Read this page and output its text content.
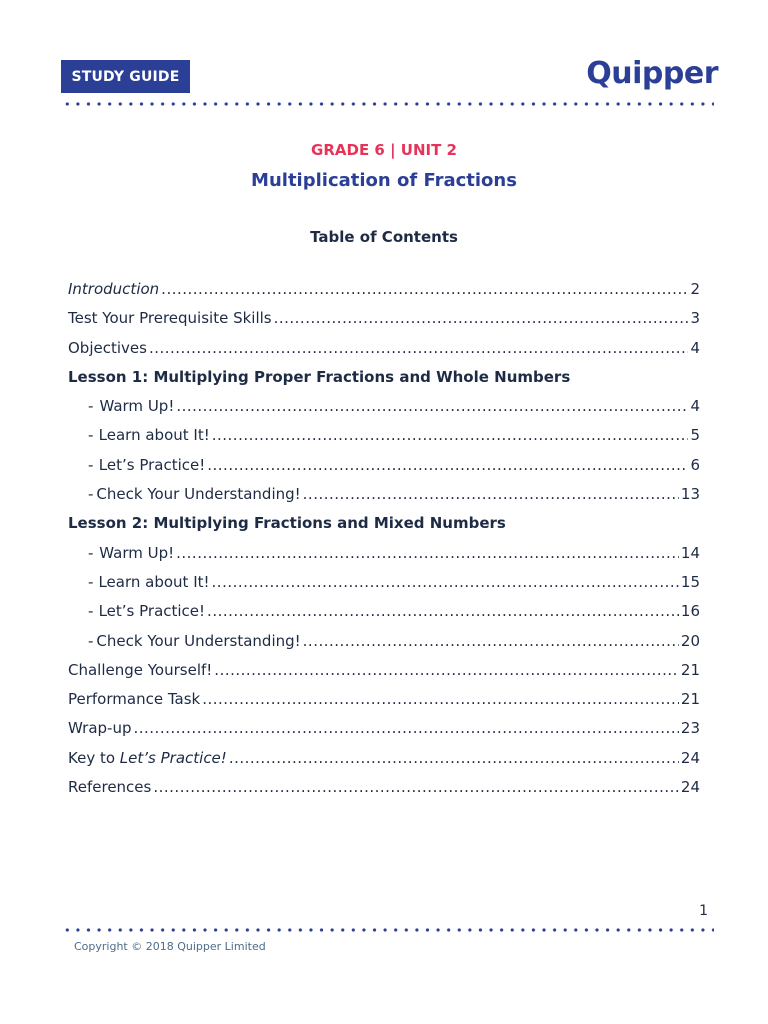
STUDY GUIDE	Quipper
GRADE 6 | UNIT 2
Multiplication of Fractions
Table of Contents
Introduction .....	2
Test Your Prerequisite Skills .....	3
Objectives .....	4
Lesson 1: Multiplying Proper Fractions and Whole Numbers
- Warm Up! .....	4
- Learn about It! .....	5
- Let’s Practice! .....	6
- Check Your Understanding! .....	13
Lesson 2: Multiplying Fractions and Mixed Numbers
- Warm Up! .....	14
- Learn about It! .....	15
- Let’s Practice! .....	16
- Check Your Understanding! .....	20
Challenge Yourself! .....	21
Performance Task .....	21
Wrap-up .....	23
Key to Let’s Practice! .....	24
References .....	24
1
Copyright © 2018 Quipper Limited
